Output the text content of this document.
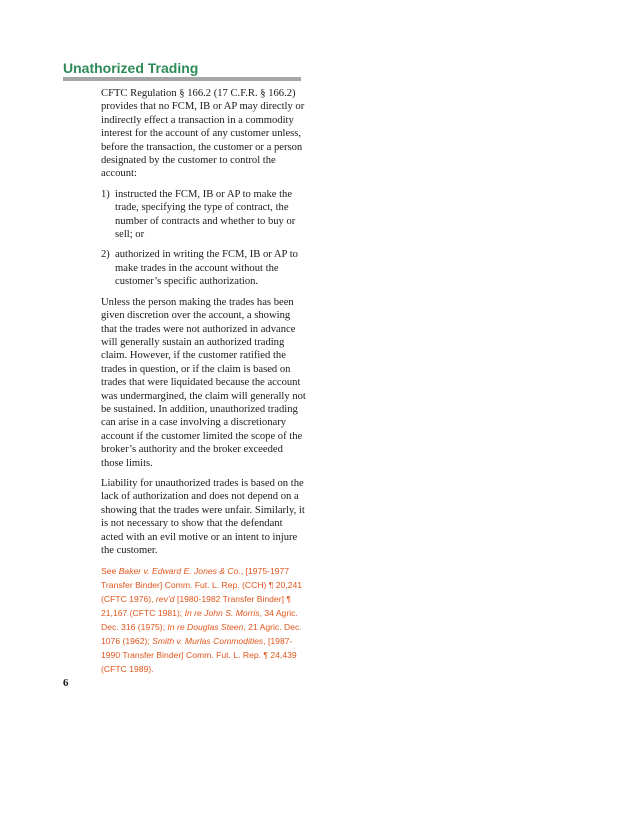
Unathorized Trading

CFTC Regulation § 166.2 (17 C.F.R. § 166.2) provides that no FCM, IB or AP may directly or indirectly effect a transaction in a commodity interest for the account of any customer unless, before the transaction, the customer or a person designated by the customer to control the account:

1) instructed the FCM, IB or AP to make the trade, specifying the type of contract, the number of contracts and whether to buy or sell; or
2) authorized in writing the FCM, IB or AP to make trades in the account without the customer’s specific authorization.

Unless the person making the trades has been given discretion over the account, a showing that the trades were not authorized in advance will generally sustain an authorized trading claim. However, if the customer ratified the trades in question, or if the claim is based on trades that were liquidated because the account was undermargined, the claim will generally not be sustained. In addition, unauthorized trading can arise in a case involving a discretionary account if the customer limited the scope of the broker’s authority and the broker exceeded those limits.

Liability for unauthorized trades is based on the lack of authorization and does not depend on a showing that the trades were unfair. Similarly, it is not necessary to show that the defendant acted with an evil motive or an intent to injure the customer.

See Baker v. Edward E. Jones & Co., [1975-1977 Transfer Binder] Comm. Fut. L. Rep. (CCH) ¶ 20,241 (CFTC 1976), rev’d [1980-1982 Transfer Binder] ¶ 21,167 (CFTC 1981); In re John S. Morris, 34 Agric. Dec. 316 (1975); In re Douglas Steen, 21 Agric. Dec. 1076 (1962); Smith v. Murlas Commodities, [1987-1990 Transfer Binder] Comm. Fut. L. Rep. ¶ 24,439 (CFTC 1989).
6
